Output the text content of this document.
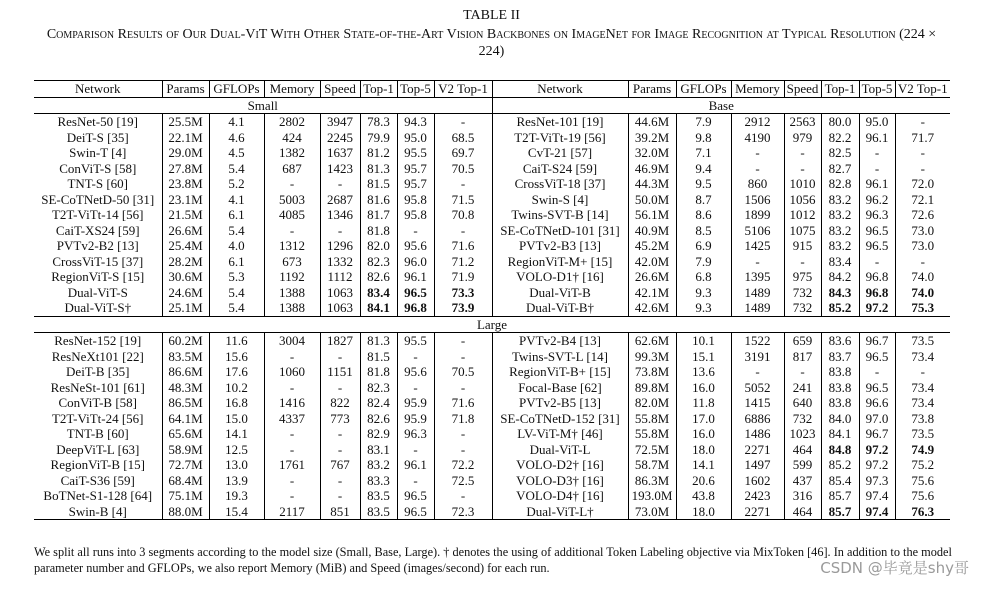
TABLE II
Comparison Results of Our Dual-ViT With Other State-of-the-Art Vision Backbones on ImageNet for Image Recognition at Typical Resolution (224 × 224)
Network	Params	GFLOPs	Memory	Speed	Top-1	Top-5	V2 Top-1	Network	Params	GFLOPs	Memory	Speed	Top-1	Top-5	V2 Top-1
Small								Base							
ResNet-50 [19]	25.5M	4.1	2802	3947	78.3	94.3	-	ResNet-101 [19]	44.6M	7.9	2912	2563	80.0	95.0	-
DeiT-S [35]	22.1M	4.6	424	2245	79.9	95.0	68.5	T2T-ViTt-19 [56]	39.2M	9.8	4190	979	82.2	96.1	71.7
Swin-T [4]	29.0M	4.5	1382	1637	81.2	95.5	69.7	CvT-21 [57]	32.0M	7.1	-	-	82.5	-	-
ConViT-S [58]	27.8M	5.4	687	1423	81.3	95.7	70.5	CaiT-S24 [59]	46.9M	9.4	-	-	82.7	-	-
TNT-S [60]	23.8M	5.2	-	-	81.5	95.7	-	CrossViT-18 [37]	44.3M	9.5	860	1010	82.8	96.1	72.0
SE-CoTNetD-50 [31]	23.1M	4.1	5003	2687	81.6	95.8	71.5	Swin-S [4]	50.0M	8.7	1506	1056	83.2	96.2	72.1
T2T-ViTt-14 [56]	21.5M	6.1	4085	1346	81.7	95.8	70.8	Twins-SVT-B [14]	56.1M	8.6	1899	1012	83.2	96.3	72.6
CaiT-XS24 [59]	26.6M	5.4	-	-	81.8	-	-	SE-CoTNetD-101 [31]	40.9M	8.5	5106	1075	83.2	96.5	73.0
PVTv2-B2 [13]	25.4M	4.0	1312	1296	82.0	95.6	71.6	PVTv2-B3 [13]	45.2M	6.9	1425	915	83.2	96.5	73.0
CrossViT-15 [37]	28.2M	6.1	673	1332	82.3	96.0	71.2	RegionViT-M+ [15]	42.0M	7.9	-	-	83.4	-	-
RegionViT-S [15]	30.6M	5.3	1192	1112	82.6	96.1	71.9	VOLO-D1† [16]	26.6M	6.8	1395	975	84.2	96.8	74.0
Dual-ViT-S	24.6M	5.4	1388	1063	83.4	96.5	73.3	Dual-ViT-B	42.1M	9.3	1489	732	84.3	96.8	74.0
Dual-ViT-S†	25.1M	5.4	1388	1063	84.1	96.8	73.9	Dual-ViT-B†	42.6M	9.3	1489	732	85.2	97.2	75.3
Large															
ResNet-152 [19]	60.2M	11.6	3004	1827	81.3	95.5	-	PVTv2-B4 [13]	62.6M	10.1	1522	659	83.6	96.7	73.5
ResNeXt101 [22]	83.5M	15.6	-	-	81.5	-	-	Twins-SVT-L [14]	99.3M	15.1	3191	817	83.7	96.5	73.4
DeiT-B [35]	86.6M	17.6	1060	1151	81.8	95.6	70.5	RegionViT-B+ [15]	73.8M	13.6	-	-	83.8	-	-
ResNeSt-101 [61]	48.3M	10.2	-	-	82.3	-	-	Focal-Base [62]	89.8M	16.0	5052	241	83.8	96.5	73.4
ConViT-B [58]	86.5M	16.8	1416	822	82.4	95.9	71.6	PVTv2-B5 [13]	82.0M	11.8	1415	640	83.8	96.6	73.4
T2T-ViTt-24 [56]	64.1M	15.0	4337	773	82.6	95.9	71.8	SE-CoTNetD-152 [31]	55.8M	17.0	6886	732	84.0	97.0	73.8
TNT-B [60]	65.6M	14.1	-	-	82.9	96.3	-	LV-ViT-M† [46]	55.8M	16.0	1486	1023	84.1	96.7	73.5
DeepViT-L [63]	58.9M	12.5	-	-	83.1	-	-	Dual-ViT-L	72.5M	18.0	2271	464	84.8	97.2	74.9
RegionViT-B [15]	72.7M	13.0	1761	767	83.2	96.1	72.2	VOLO-D2† [16]	58.7M	14.1	1497	599	85.2	97.2	75.2
CaiT-S36 [59]	68.4M	13.9	-	-	83.3	-	72.5	VOLO-D3† [16]	86.3M	20.6	1602	437	85.4	97.3	75.6
BoTNet-S1-128 [64]	75.1M	19.3	-	-	83.5	96.5	-	VOLO-D4† [16]	193.0M	43.8	2423	316	85.7	97.4	75.6
Swin-B [4]	88.0M	15.4	2117	851	83.5	96.5	72.3	Dual-ViT-L†	73.0M	18.0	2271	464	85.7	97.4	76.3
We split all runs into 3 segments according to the model size (Small, Base, Large). † denotes the using of additional Token Labeling objective via MixToken [46]. In addition to the model parameter number and GFLOPs, we also report Memory (MiB) and Speed (images/second) for each run.	CSDN @毕竟是shy哥
